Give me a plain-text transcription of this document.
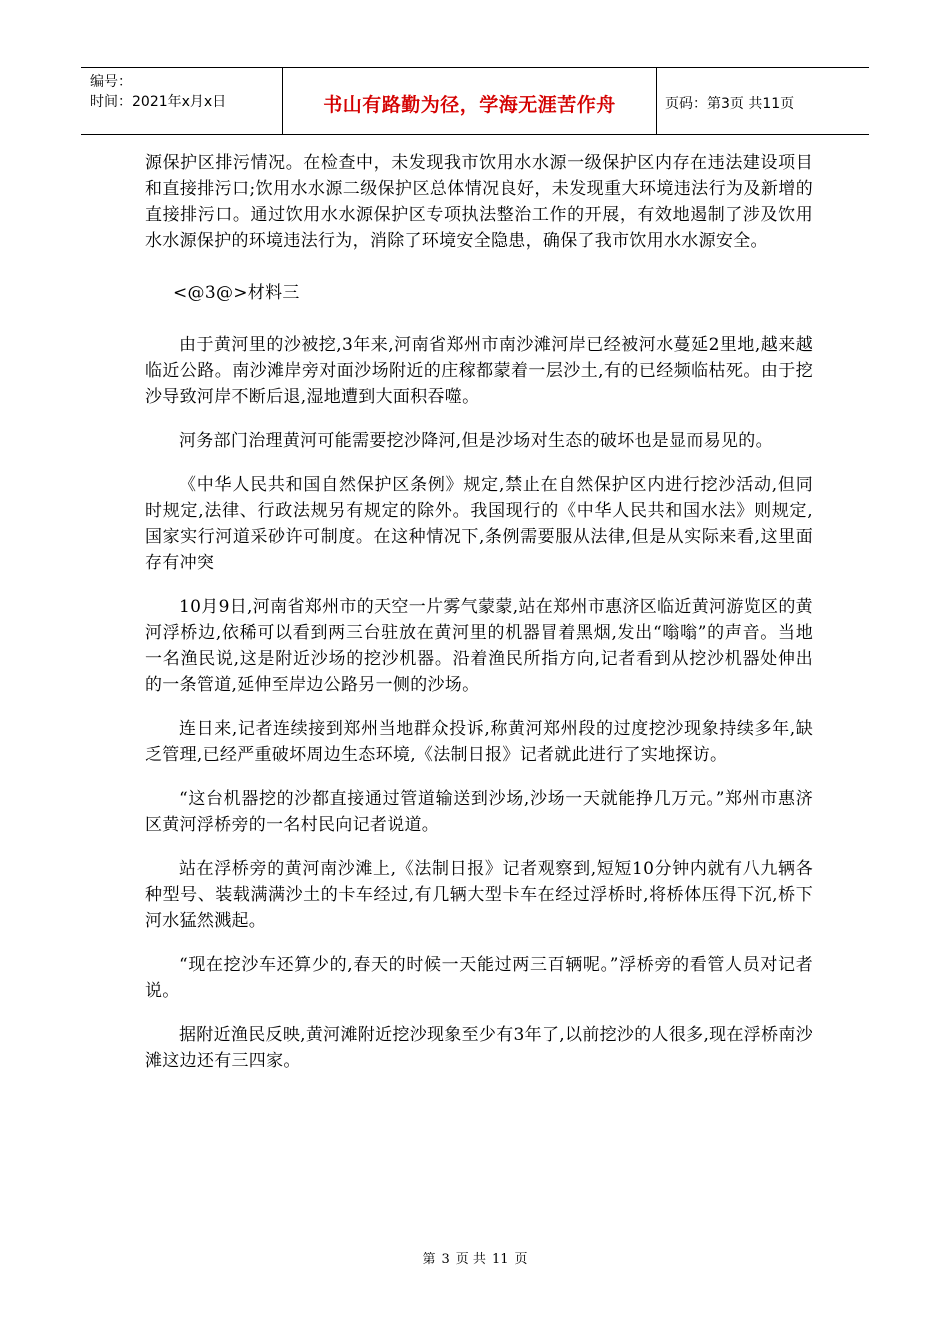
编号：
时间：2021年x月x日	书山有路勤为径，学海无涯苦作舟	页码：第3页 共11页

源保护区排污情况。在检查中，未发现我市饮用水水源一级保护区内存在违法建设项目和直接排污口;饮用水水源二级保护区总体情况良好，未发现重大环境违法行为及新增的直接排污口。通过饮用水水源保护区专项执法整治工作的开展，有效地遏制了涉及饮用水水源保护的环境违法行为，消除了环境安全隐患，确保了我市饮用水水源安全。

<@3@>材料三

由于黄河里的沙被挖,3年来,河南省郑州市南沙滩河岸已经被河水蔓延2里地,越来越临近公路。南沙滩岸旁对面沙场附近的庄稼都蒙着一层沙土,有的已经频临枯死。由于挖沙导致河岸不断后退,湿地遭到大面积吞噬。

河务部门治理黄河可能需要挖沙降河,但是沙场对生态的破坏也是显而易见的。

《中华人民共和国自然保护区条例》规定,禁止在自然保护区内进行挖沙活动,但同时规定,法律、行政法规另有规定的除外。我国现行的《中华人民共和国水法》则规定,国家实行河道采砂许可制度。在这种情况下,条例需要服从法律,但是从实际来看,这里面存有冲突

10月9日,河南省郑州市的天空一片雾气蒙蒙,站在郑州市惠济区临近黄河游览区的黄河浮桥边,依稀可以看到两三台驻放在黄河里的机器冒着黑烟,发出“嗡嗡”的声音。当地一名渔民说,这是附近沙场的挖沙机器。沿着渔民所指方向,记者看到从挖沙机器处伸出的一条管道,延伸至岸边公路另一侧的沙场。

连日来,记者连续接到郑州当地群众投诉,称黄河郑州段的过度挖沙现象持续多年,缺乏管理,已经严重破坏周边生态环境,《法制日报》记者就此进行了实地探访。

“这台机器挖的沙都直接通过管道输送到沙场,沙场一天就能挣几万元。”郑州市惠济区黄河浮桥旁的一名村民向记者说道。

站在浮桥旁的黄河南沙滩上,《法制日报》记者观察到,短短10分钟内就有八九辆各种型号、装载满满沙土的卡车经过,有几辆大型卡车在经过浮桥时,将桥体压得下沉,桥下河水猛然溅起。

“现在挖沙车还算少的,春天的时候一天能过两三百辆呢。”浮桥旁的看管人员对记者说。

据附近渔民反映,黄河滩附近挖沙现象至少有3年了,以前挖沙的人很多,现在浮桥南沙滩这边还有三四家。

第 3 页 共 11 页
